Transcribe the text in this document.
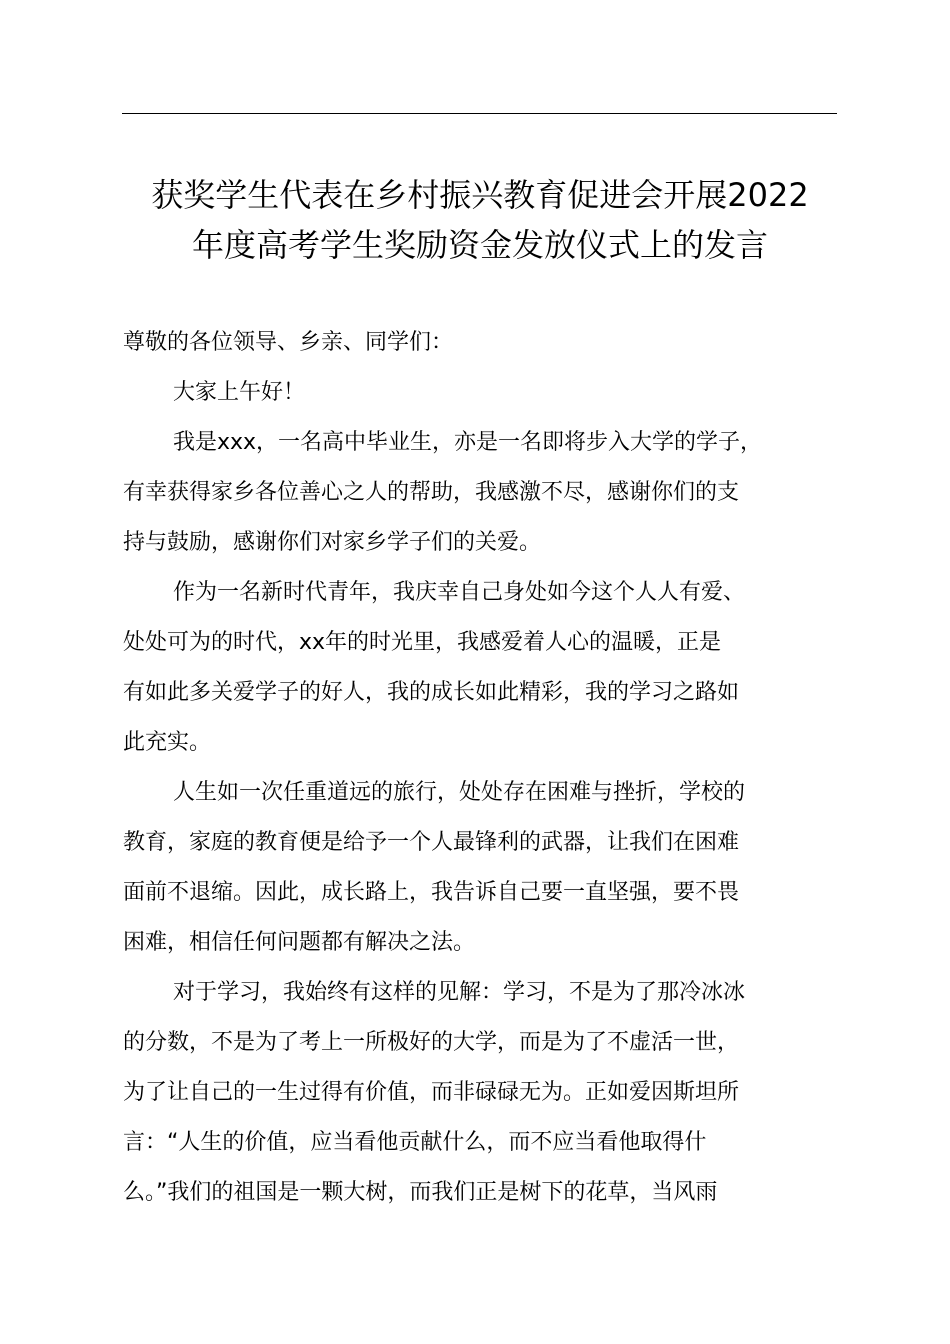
获奖学生代表在乡村振兴教育促进会开展2022
年度高考学生奖励资金发放仪式上的发言
尊敬的各位领导、乡亲、同学们：
大家上午好！
我是xxx，一名高中毕业生，亦是一名即将步入大学的学子，
有幸获得家乡各位善心之人的帮助，我感激不尽，感谢你们的支
持与鼓励，感谢你们对家乡学子们的关爱。
作为一名新时代青年，我庆幸自己身处如今这个人人有爱、
处处可为的时代，xx年的时光里，我感爱着人心的温暖，正是
有如此多关爱学子的好人，我的成长如此精彩，我的学习之路如
此充实。
人生如一次任重道远的旅行，处处存在困难与挫折，学校的
教育，家庭的教育便是给予一个人最锋利的武器，让我们在困难
面前不退缩。因此，成长路上，我告诉自己要一直坚强，要不畏
困难，相信任何问题都有解决之法。
对于学习，我始终有这样的见解：学习，不是为了那冷冰冰
的分数，不是为了考上一所极好的大学，而是为了不虚活一世，
为了让自己的一生过得有价值，而非碌碌无为。正如爱因斯坦所
言：“人生的价值，应当看他贡献什么，而不应当看他取得什
么。”我们的祖国是一颗大树，而我们正是树下的花草，当风雨
